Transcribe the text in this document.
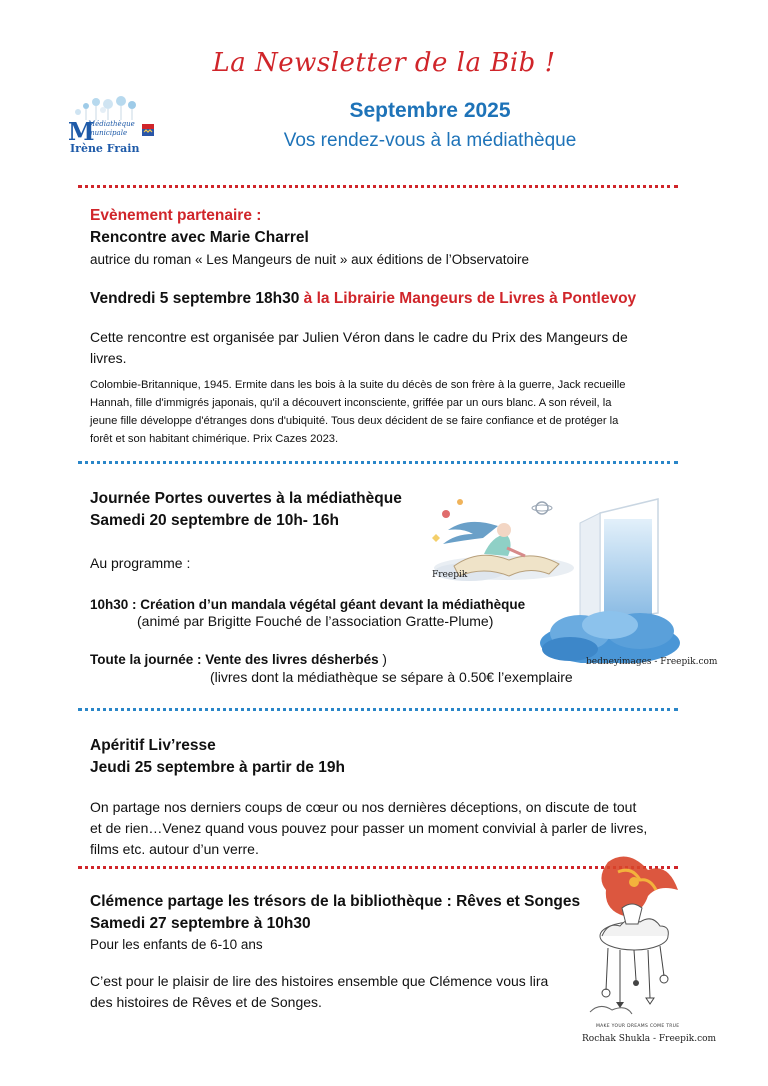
La Newsletter de la Bib !
M
Médiathèque
municipale
Irène Frain
Septembre 2025
Vos rendez-vous à la médiathèque
Evènement partenaire :
Rencontre avec Marie Charrel
autrice du roman « Les Mangeurs de nuit » aux éditions de l’Observatoire
Vendredi 5 septembre 18h30 à la Librairie Mangeurs de Livres à Pontlevoy
Cette rencontre est organisée par Julien Véron dans le cadre du Prix des Mangeurs de
livres.
Colombie-Britannique, 1945. Ermite dans les bois à la suite du décès de son frère à la guerre, Jack recueille
Hannah, fille d'immigrés japonais, qu'il a découvert inconsciente, griffée par un ours blanc. A son réveil, la
jeune fille développe d'étranges dons d'ubiquité. Tous deux décident de se faire confiance et de protéger la
forêt et son habitant chimérique. Prix Cazes 2023.
Journée Portes ouvertes à la médiathèque
Samedi 20 septembre de 10h- 16h
Au programme :
10h30 : Création d’un mandala végétal géant devant la médiathèque
(animé par Brigitte Fouché de l’association Gratte-Plume)
Toute la journée : Vente des livres désherbés )
(livres dont la médiathèque se sépare à 0.50€ l’exemplaire
Freepik
bedneyimages - Freepik.com
Apéritif Liv’resse
Jeudi 25 septembre à partir de 19h
On partage nos derniers coups de cœur ou nos dernières déceptions, on discute de tout
et de rien…Venez quand vous pouvez pour passer un moment convivial à parler de livres,
films etc. autour d’un verre.
Clémence partage les trésors de la bibliothèque : Rêves et Songes
Samedi 27 septembre à 10h30
Pour les enfants de 6-10 ans
C’est pour le plaisir de lire des histoires ensemble que Clémence vous lira
des histoires de Rêves et de Songes.
MAKE YOUR DREAMS COME TRUE
Rochak Shukla - Freepik.com
